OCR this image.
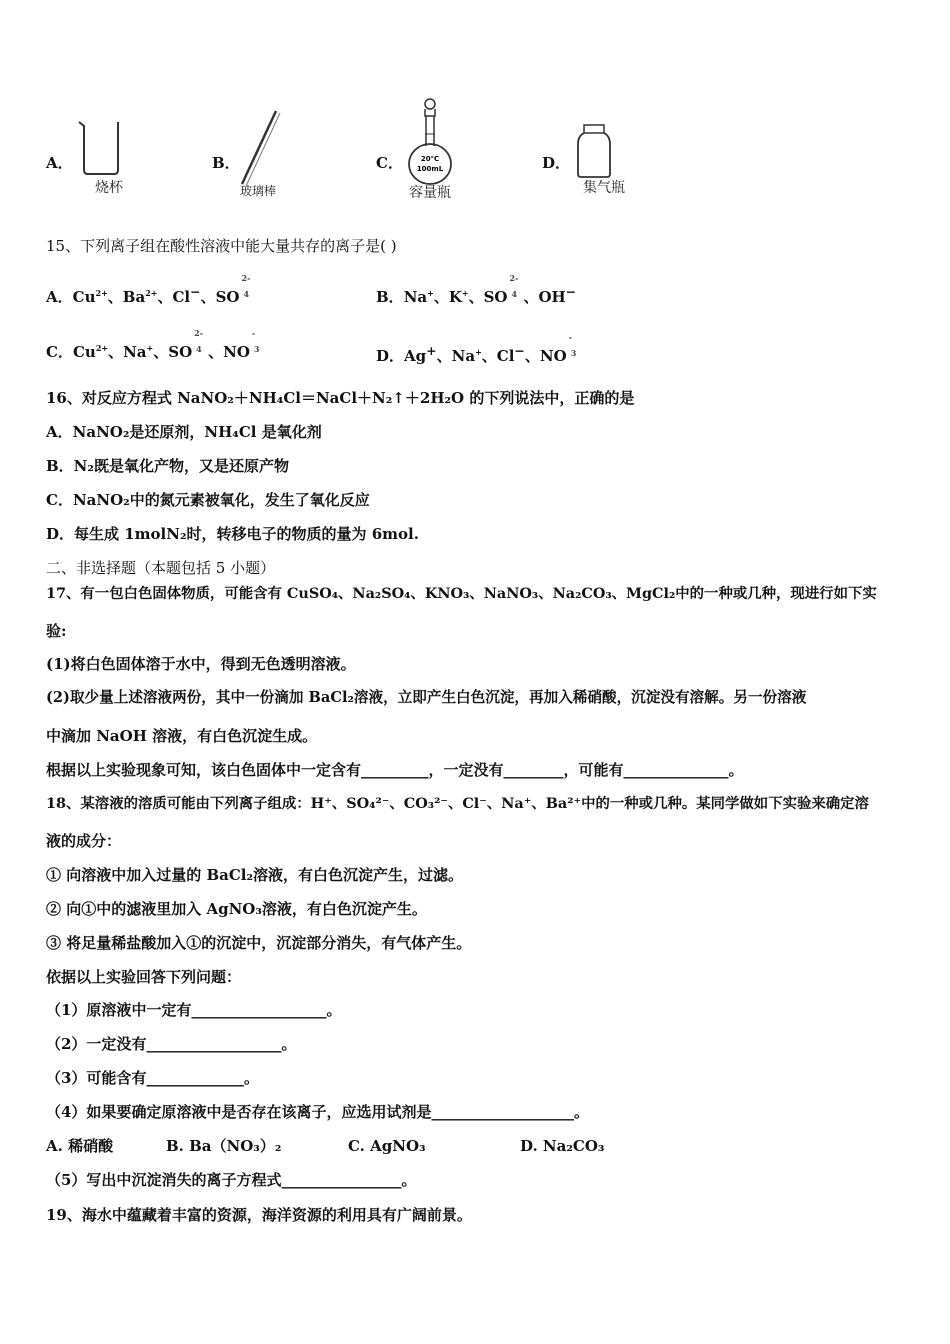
A．
烧杯
B．
玻璃棒
C．	20℃
100mL
容量瓶
D．
集气瓶
15、下列离子组在酸性溶液中能大量共存的离子是( )
A．$Cu^{2+}$、$Ba^{2+}$、Cl−、SO
2-
4	B．Na+、K+、SO
2-
4 、OH−
C．$Cu^{2+}$、Na+、SO
2-
4 、NO
-
3	D．Ag+、Na+、Cl−、NO
-
3
16、对反应方程式 NaNO₂＋NH₄Cl＝NaCl＋N₂↑＋2H₂O 的下列说法中，正确的是
A．NaNO₂是还原剂，NH₄Cl 是氧化剂
B．N₂既是氧化产物，又是还原产物
C．NaNO₂中的氮元素被氧化，发生了氧化反应
D．每生成 1molN₂时，转移电子的物质的量为 6mol.
二、非选择题（本题包括 5 小题）
17、有一包白色固体物质，可能含有 CuSO₄、Na₂SO₄、KNO₃、NaNO₃、Na₂CO₃、MgCl₂中的一种或几种，现进行如下实
验:
(1)将白色固体溶于水中，得到无色透明溶液。
(2)取少量上述溶液两份，其中一份滴加 BaCl₂溶液，立即产生白色沉淀，再加入稀硝酸，沉淀没有溶解。另一份溶液
中滴加 NaOH 溶液，有白色沉淀生成。
根据以上实验现象可知，该白色固体中一定含有_________，一定没有________，可能有______________。
18、某溶液的溶质可能由下列离子组成：H⁺、SO₄²⁻、CO₃²⁻、Cl⁻、Na⁺、Ba²⁺中的一种或几种。某同学做如下实验来确定溶
液的成分：
① 向溶液中加入过量的 BaCl₂溶液，有白色沉淀产生，过滤。
② 向①中的滤液里加入 AgNO₃溶液，有白色沉淀产生。
③ 将足量稀盐酸加入①的沉淀中，沉淀部分消失，有气体产生。
依据以上实验回答下列问题：
（1）原溶液中一定有__________________。
（2）一定没有__________________。
（3）可能含有_____________。
（4）如果要确定原溶液中是否存在该离子，应选用试剂是___________________。
A. 稀硝酸	B. Ba（NO₃）₂	C. AgNO₃	D. Na₂CO₃
（5）写出中沉淀消失的离子方程式________________。
19、海水中蕴藏着丰富的资源，海洋资源的利用具有广阔前景。
